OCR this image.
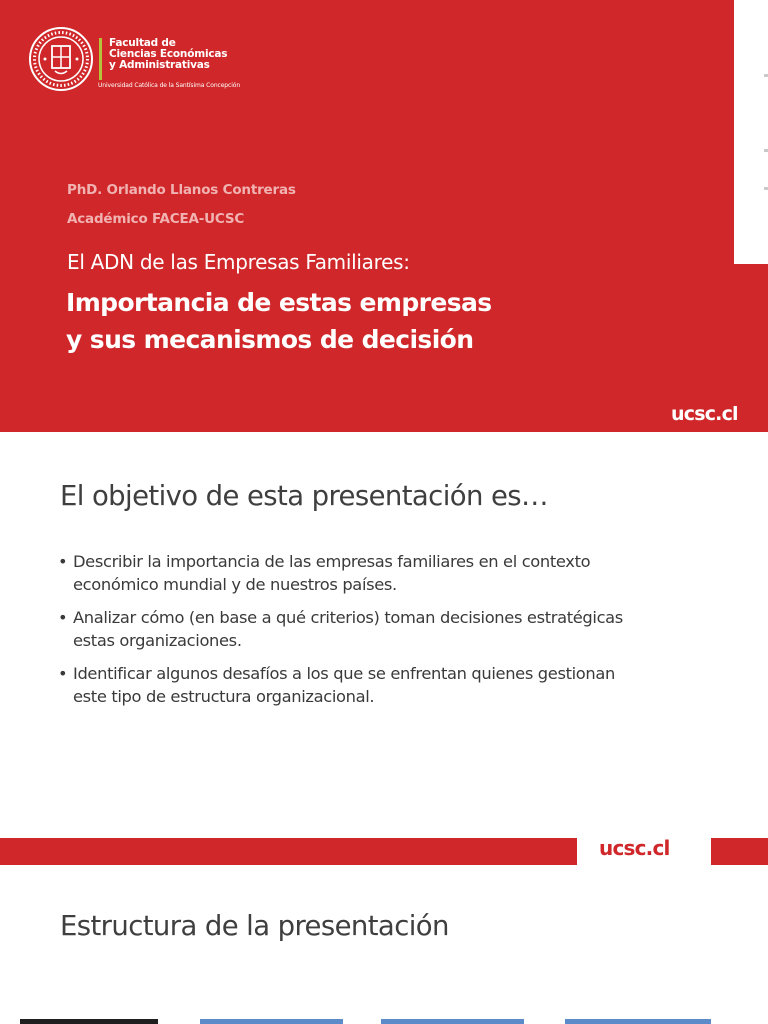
Facultad de
Ciencias Económicas
y Administrativas
Universidad Católica de la Santísima Concepción
PhD. Orlando Llanos Contreras
Académico FACEA-UCSC
El ADN de las Empresas Familiares:
Importancia de estas empresas
y sus mecanismos de decisión
ucsc.cl
El objetivo de esta presentación es…
• Describir la importancia de las empresas familiares en el contexto
económico mundial y de nuestros países.
• Analizar cómo (en base a qué criterios) toman decisiones estratégicas
estas organizaciones.
• Identificar algunos desafíos a los que se enfrentan quienes gestionan
este tipo de estructura organizacional.
ucsc.cl
Estructura de la presentación
